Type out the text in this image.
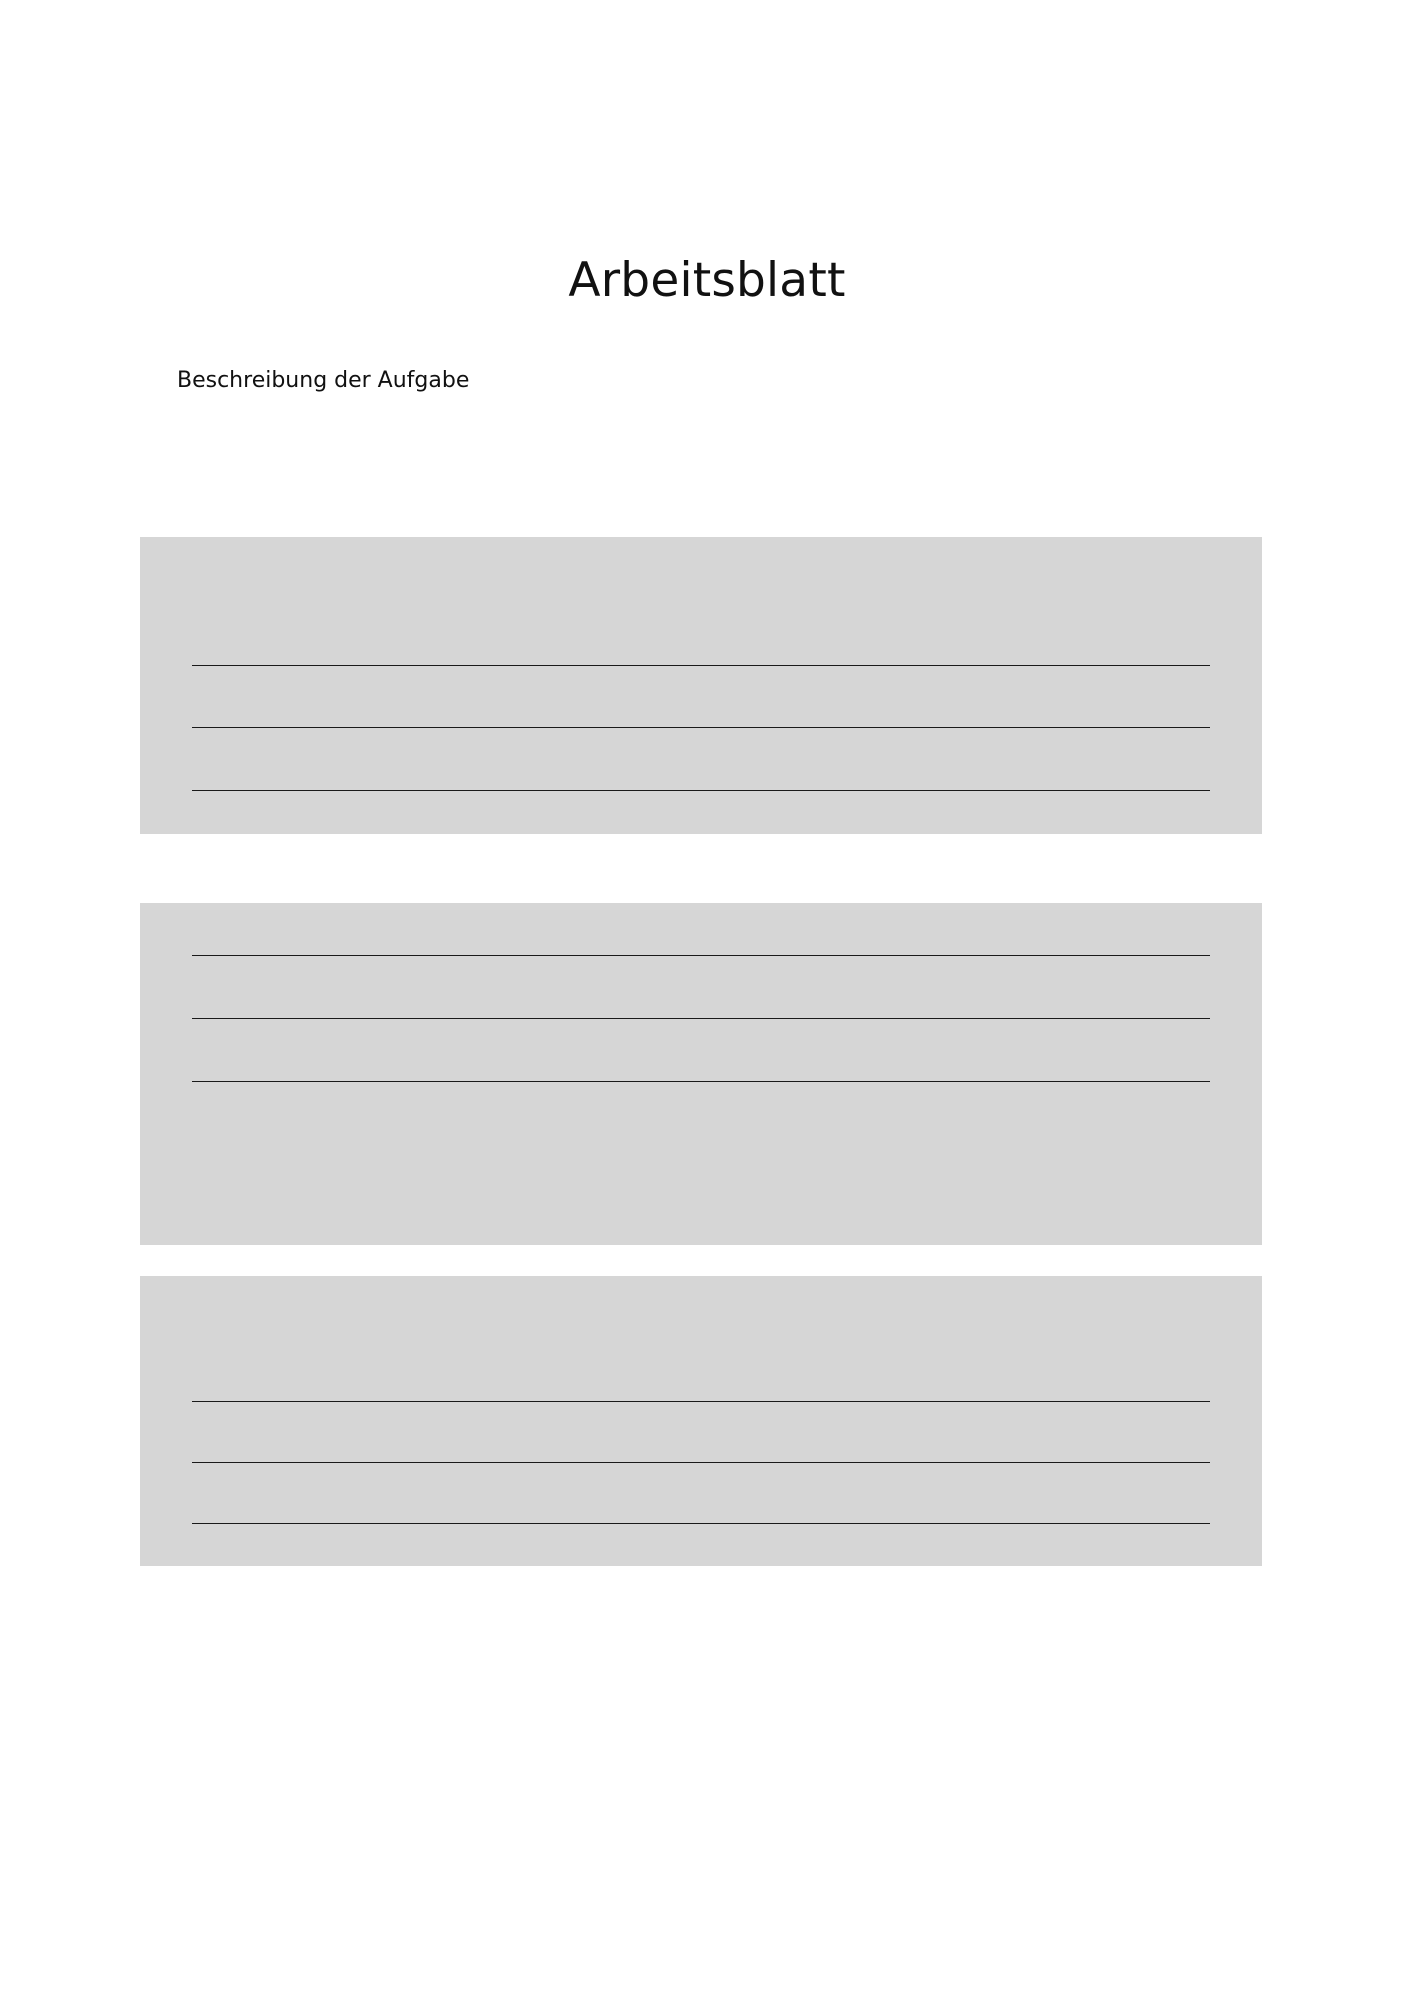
Arbeitsblatt
Beschreibung der Aufgabe
